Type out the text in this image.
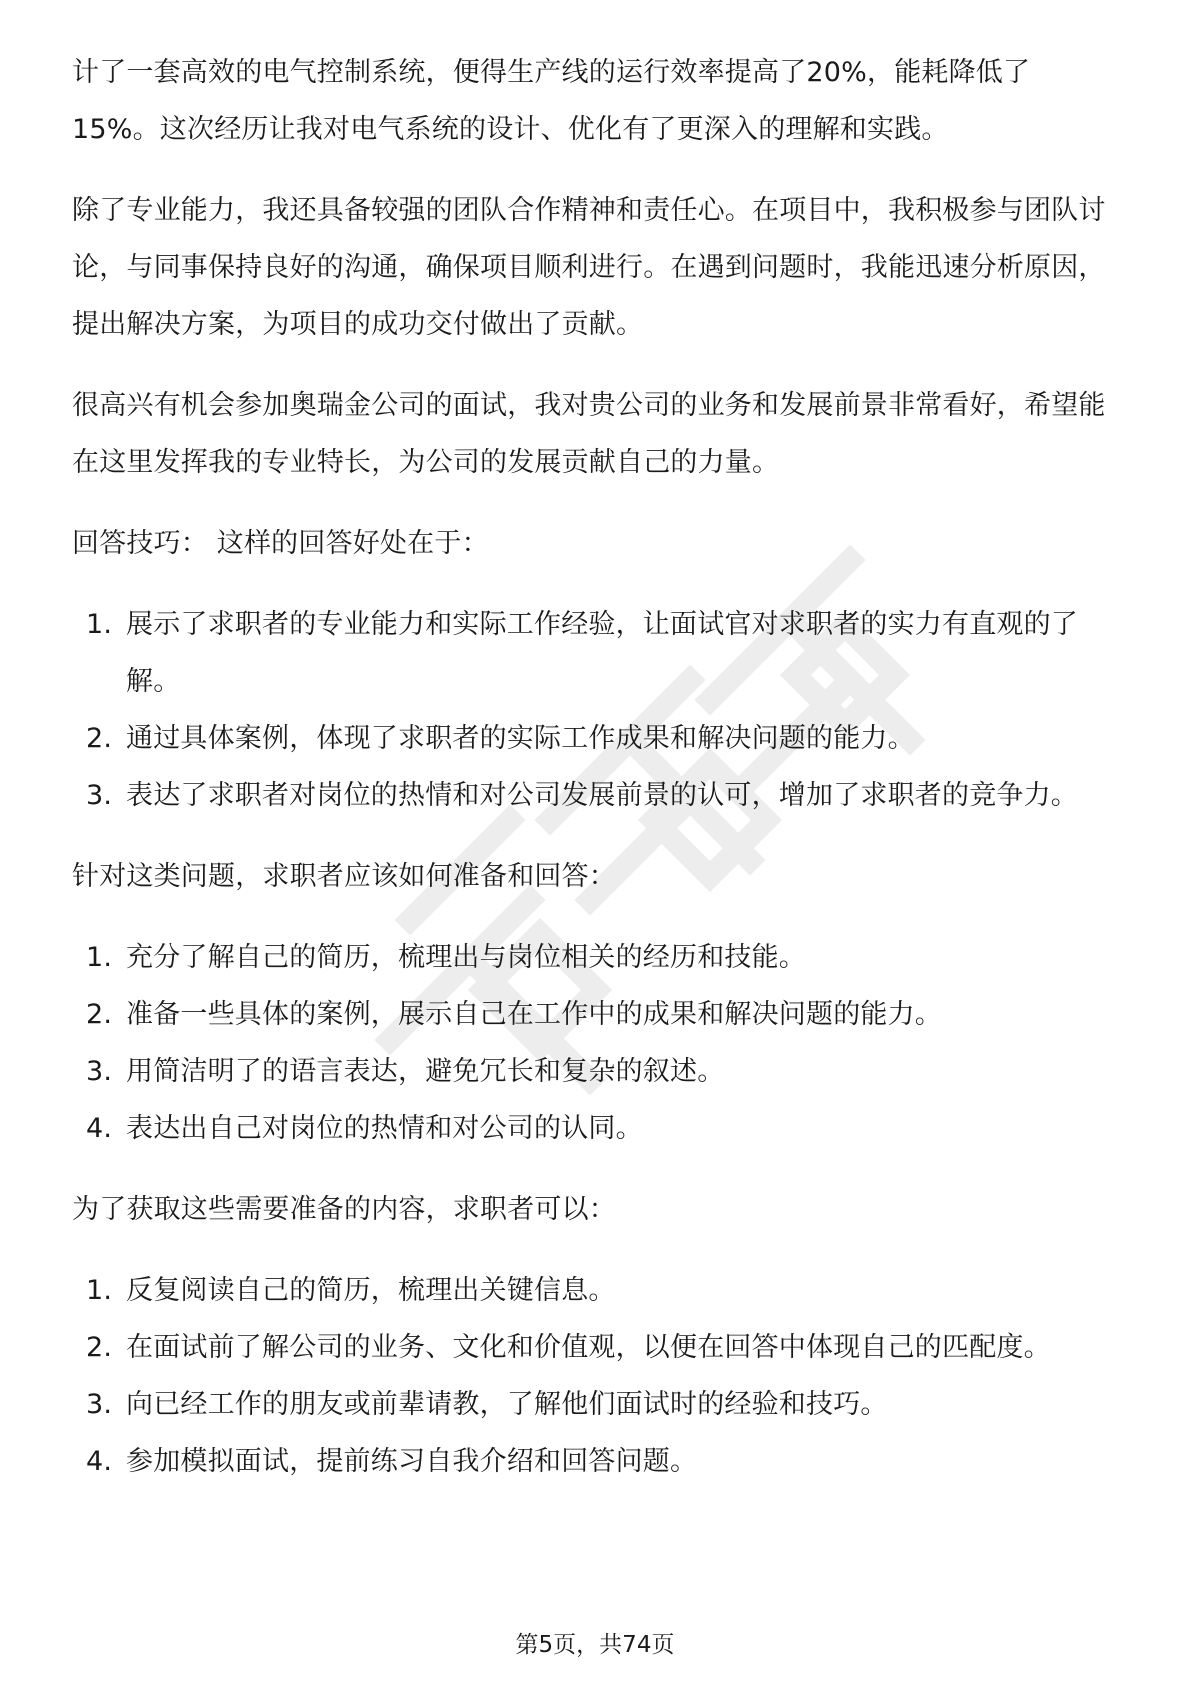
计了一套高效的电气控制系统，便得生产线的运行效率提高了20%，能耗降低了15%。这次经历让我对电气系统的设计、优化有了更深入的理解和实践。

除了专业能力，我还具备较强的团队合作精神和责任心。在项目中，我积极参与团队讨论，与同事保持良好的沟通，确保项目顺利进行。在遇到问题时，我能迅速分析原因，提出解决方案，为项目的成功交付做出了贡献。

很高兴有机会参加奥瑞金公司的面试，我对贵公司的业务和发展前景非常看好，希望能在这里发挥我的专业特长，为公司的发展贡献自己的力量。

回答技巧： 这样的回答好处在于：

1. 展示了求职者的专业能力和实际工作经验，让面试官对求职者的实力有直观的了解。
2. 通过具体案例，体现了求职者的实际工作成果和解决问题的能力。
3. 表达了求职者对岗位的热情和对公司发展前景的认可，增加了求职者的竞争力。

针对这类问题，求职者应该如何准备和回答：

1. 充分了解自己的简历，梳理出与岗位相关的经历和技能。
2. 准备一些具体的案例，展示自己在工作中的成果和解决问题的能力。
3. 用简洁明了的语言表达，避免冗长和复杂的叙述。
4. 表达出自己对岗位的热情和对公司的认同。

为了获取这些需要准备的内容，求职者可以：

1. 反复阅读自己的简历，梳理出关键信息。
2. 在面试前了解公司的业务、文化和价值观，以便在回答中体现自己的匹配度。
3. 向已经工作的朋友或前辈请教，了解他们面试时的经验和技巧。
4. 参加模拟面试，提前练习自我介绍和回答问题。
第5页，共74页
